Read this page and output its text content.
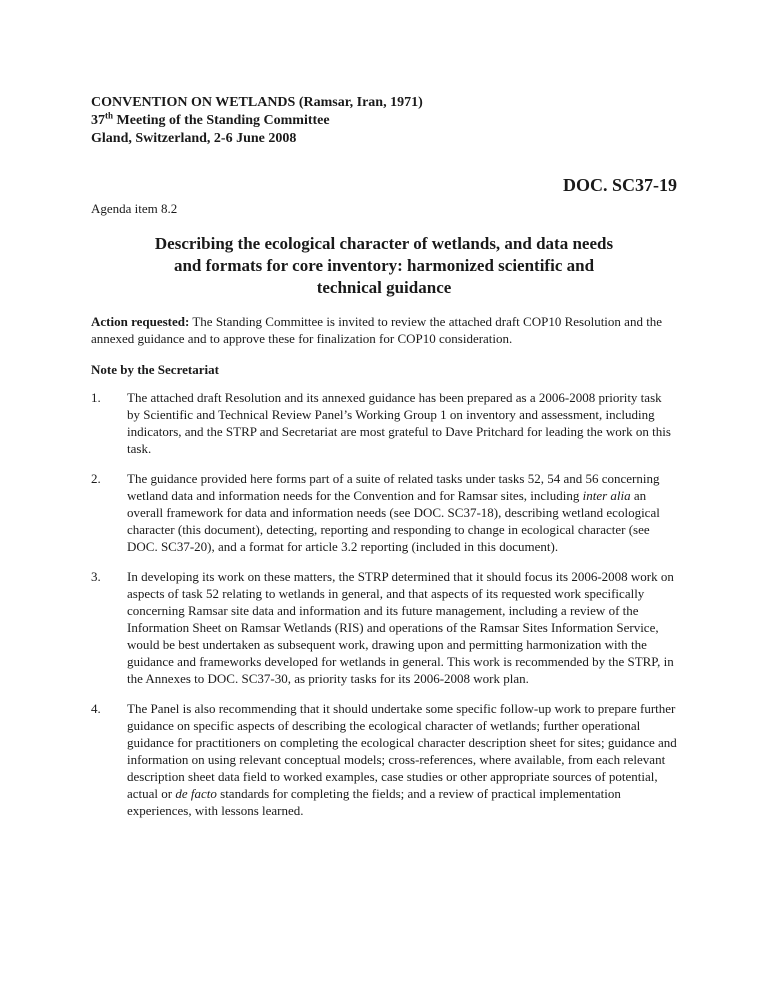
CONVENTION ON WETLANDS (Ramsar, Iran, 1971)
37th Meeting of the Standing Committee
Gland, Switzerland, 2-6 June 2008
DOC. SC37-19
Agenda item 8.2
Describing the ecological character of wetlands, and data needs
and formats for core inventory: harmonized scientific and
technical guidance

Action requested: The Standing Committee is invited to review the attached draft COP10 Resolution and the annexed guidance and to approve these for finalization for COP10 consideration.

Note by the Secretariat
1.	The attached draft Resolution and its annexed guidance has been prepared as a 2006-2008 priority task by Scientific and Technical Review Panel’s Working Group 1 on inventory and assessment, including indicators, and the STRP and Secretariat are most grateful to Dave Pritchard for leading the work on this task.
2.	The guidance provided here forms part of a suite of related tasks under tasks 52, 54 and 56 concerning wetland data and information needs for the Convention and for Ramsar sites, including inter alia an overall framework for data and information needs (see DOC. SC37-18), describing wetland ecological character (this document), detecting, reporting and responding to change in ecological character (see DOC. SC37-20), and a format for article 3.2 reporting (included in this document).
3.	In developing its work on these matters, the STRP determined that it should focus its 2006-2008 work on aspects of task 52 relating to wetlands in general, and that aspects of its requested work specifically concerning Ramsar site data and information and its future management, including a review of the Information Sheet on Ramsar Wetlands (RIS) and operations of the Ramsar Sites Information Service, would be best undertaken as subsequent work, drawing upon and permitting harmonization with the guidance and frameworks developed for wetlands in general. This work is recommended by the STRP, in the Annexes to DOC. SC37-30, as priority tasks for its 2006-2008 work plan.
4.	The Panel is also recommending that it should undertake some specific follow-up work to prepare further guidance on specific aspects of describing the ecological character of wetlands; further operational guidance for practitioners on completing the ecological character description sheet for sites; guidance and information on using relevant conceptual models; cross-references, where available, from each relevant description sheet data field to worked examples, case studies or other appropriate sources of potential, actual or de facto standards for completing the fields; and a review of practical implementation experiences, with lessons learned.
